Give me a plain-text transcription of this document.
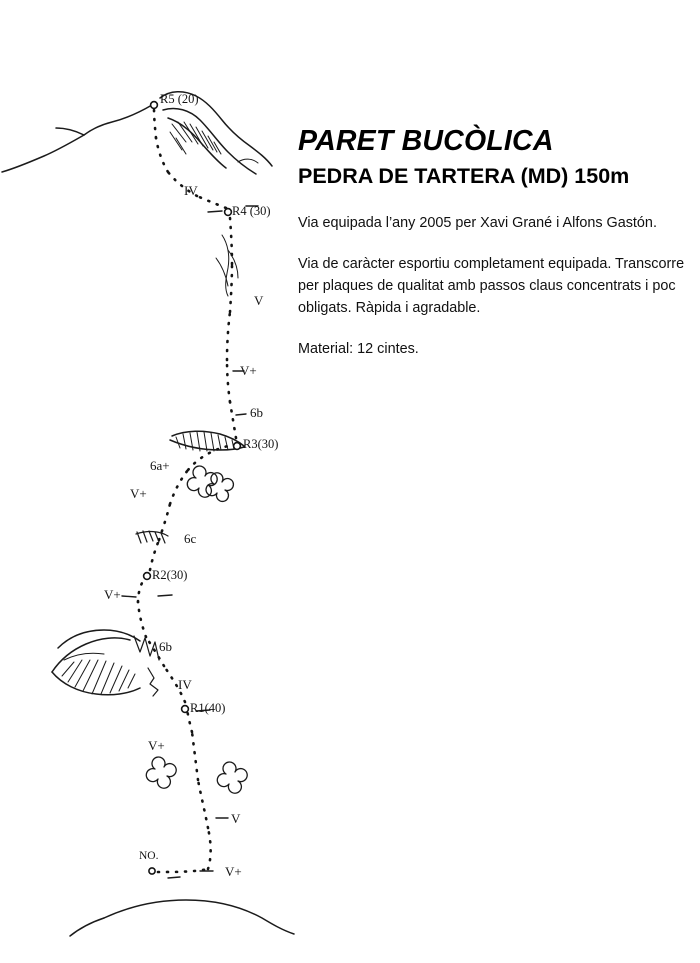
R5 (20)
R4 (30)
R3(30)
R2(30)
R1(40)
IV
V
V+
6b
6a+
V+
6c
V+
6b
IV
V+
V
V+
NO.
PARET BUCÒLICA
PEDRA DE TARTERA (MD) 150m

Via equipada l’any 2005 per Xavi Grané i Alfons Gastón.

Via de caràcter esportiu completament equipada. Transcorre per plaques de qualitat amb passos claus concentrats i poc obligats. Ràpida i agradable.

Material: 12 cintes.
